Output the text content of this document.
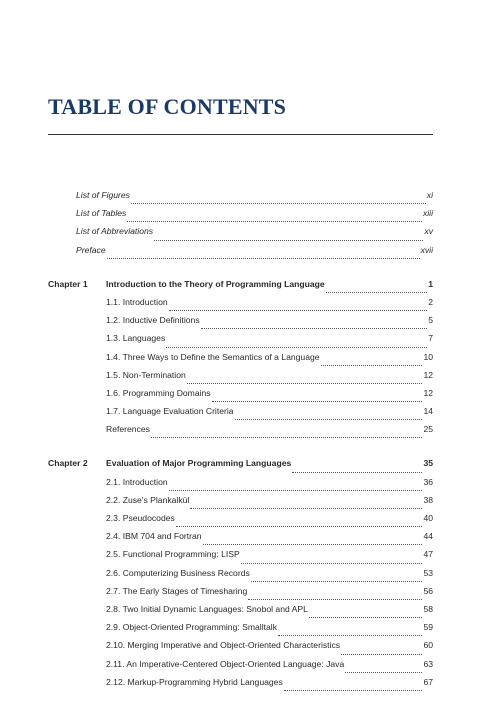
TABLE OF CONTENTS
List of Figures	xi
List of Tables	xiii
List of Abbreviations	xv
Preface	xvii
Chapter 1	Introduction to the Theory of Programming Language	1
1.1. Introduction	2
1.2. Inductive Definitions	5
1.3. Languages	7
1.4. Three Ways to Define the Semantics of a Language	10
1.5. Non-Termination	12
1.6. Programming Domains	12
1.7. Language Evaluation Criteria	14
References	25
Chapter 2	Evaluation of Major Programming Languages	35
2.1. Introduction	36
2.2. Zuse's Plankalkül	38
2.3. Pseudocodes	40
2.4. IBM 704 and Fortran	44
2.5. Functional Programming: LISP	47
2.6. Computerizing Business Records	53
2.7. The Early Stages of Timesharing	56
2.8. Two Initial Dynamic Languages: Snobol and APL	58
2.9. Object-Oriented Programming: Smalltalk	59
2.10. Merging Imperative and Object-Oriented Characteristics	60
2.11. An Imperative-Centered Object-Oriented Language: Java	63
2.12. Markup-Programming Hybrid Languages	67
